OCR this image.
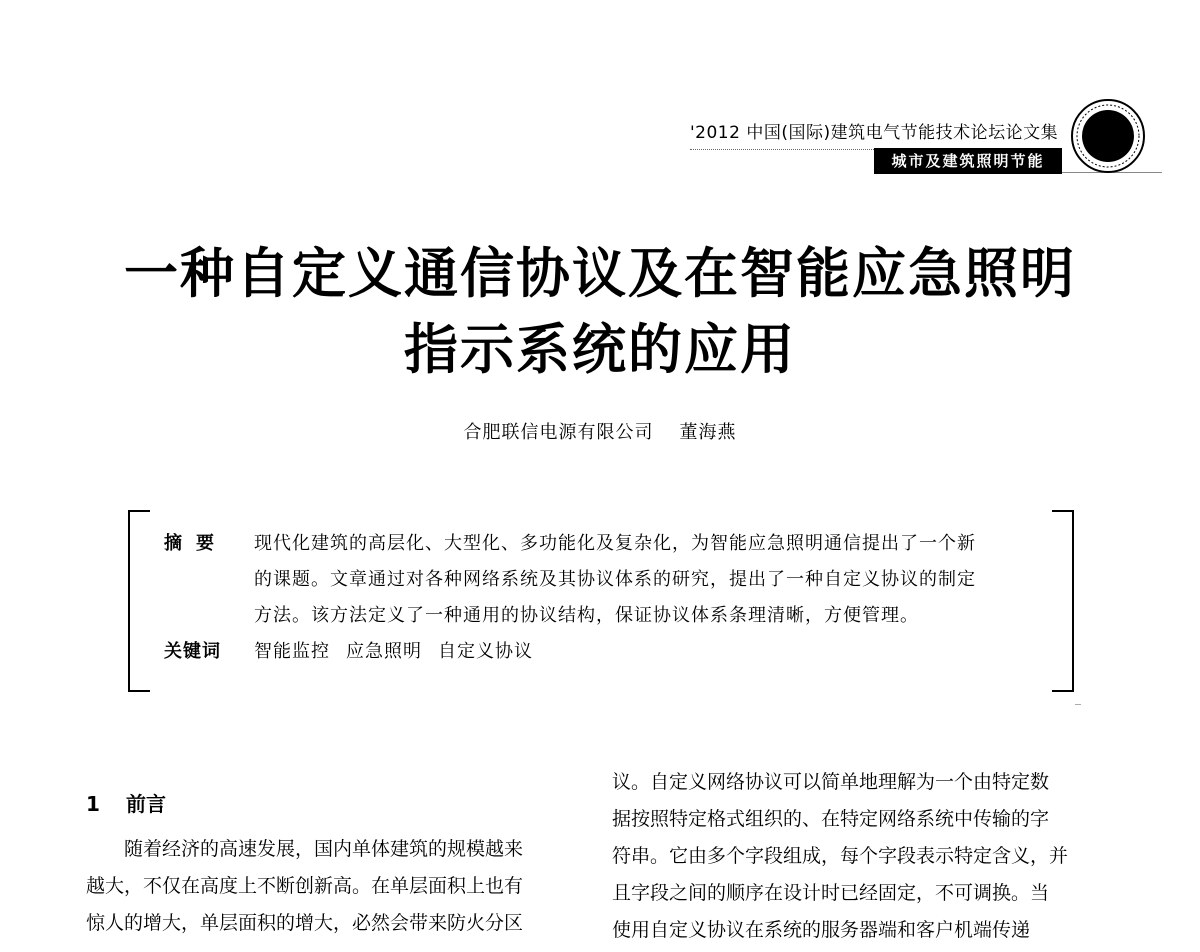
'2012 中国(国际)建筑电气节能技术论坛论文集
城市及建筑照明节能
一种自定义通信协议及在智能应急照明
指示系统的应用
合肥联信电源有限公司 董海燕
摘要	现代化建筑的高层化、大型化、多功能化及复杂化，为智能应急照明通信提出了一个新
的课题。文章通过对各种网络系统及其协议体系的研究，提出了一种自定义协议的制定
方法。该方法定义了一种通用的协议结构，保证协议体系条理清晰，方便管理。
关键词	智能监控 应急照明 自定义协议
1 前言
随着经济的高速发展，国内单体建筑的规模越来
越大，不仅在高度上不断创新高。在单层面积上也有
惊人的增大，单层面积的增大，必然会带来防火分区
议。自定义网络协议可以简单地理解为一个由特定数
据按照特定格式组织的、在特定网络系统中传输的字
符串。它由多个字段组成，每个字段表示特定含义，并
且字段之间的顺序在设计时已经固定，不可调换。当
使用自定义协议在系统的服务器端和客户机端传递
